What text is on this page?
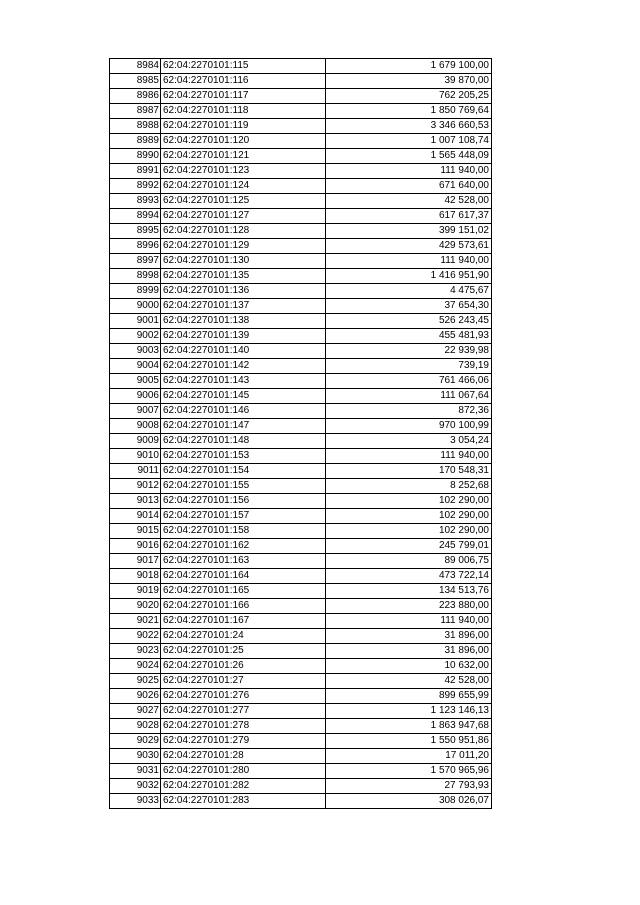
8984	62:04:2270101:115	1 679 100,00
8985	62:04:2270101:116	39 870,00
8986	62:04:2270101:117	762 205,25
8987	62:04:2270101:118	1 850 769,64
8988	62:04:2270101:119	3 346 660,53
8989	62:04:2270101:120	1 007 108,74
8990	62:04:2270101:121	1 565 448,09
8991	62:04:2270101:123	111 940,00
8992	62:04:2270101:124	671 640,00
8993	62:04:2270101:125	42 528,00
8994	62:04:2270101:127	617 617,37
8995	62:04:2270101:128	399 151,02
8996	62:04:2270101:129	429 573,61
8997	62:04:2270101:130	111 940,00
8998	62:04:2270101:135	1 416 951,90
8999	62:04:2270101:136	4 475,67
9000	62:04:2270101:137	37 654,30
9001	62:04:2270101:138	526 243,45
9002	62:04:2270101:139	455 481,93
9003	62:04:2270101:140	22 939,98
9004	62:04:2270101:142	739,19
9005	62:04:2270101:143	761 466,06
9006	62:04:2270101:145	111 067,64
9007	62:04:2270101:146	872,36
9008	62:04:2270101:147	970 100,99
9009	62:04:2270101:148	3 054,24
9010	62:04:2270101:153	111 940,00
9011	62:04:2270101:154	170 548,31
9012	62:04:2270101:155	8 252,68
9013	62:04:2270101:156	102 290,00
9014	62:04:2270101:157	102 290,00
9015	62:04:2270101:158	102 290,00
9016	62:04:2270101:162	245 799,01
9017	62:04:2270101:163	89 006,75
9018	62:04:2270101:164	473 722,14
9019	62:04:2270101:165	134 513,76
9020	62:04:2270101:166	223 880,00
9021	62:04:2270101:167	111 940,00
9022	62:04:2270101:24	31 896,00
9023	62:04:2270101:25	31 896,00
9024	62:04:2270101:26	10 632,00
9025	62:04:2270101:27	42 528,00
9026	62:04:2270101:276	899 655,99
9027	62:04:2270101:277	1 123 146,13
9028	62:04:2270101:278	1 863 947,68
9029	62:04:2270101:279	1 550 951,86
9030	62:04:2270101:28	17 011,20
9031	62:04:2270101:280	1 570 965,96
9032	62:04:2270101:282	27 793,93
9033	62:04:2270101:283	308 026,07
